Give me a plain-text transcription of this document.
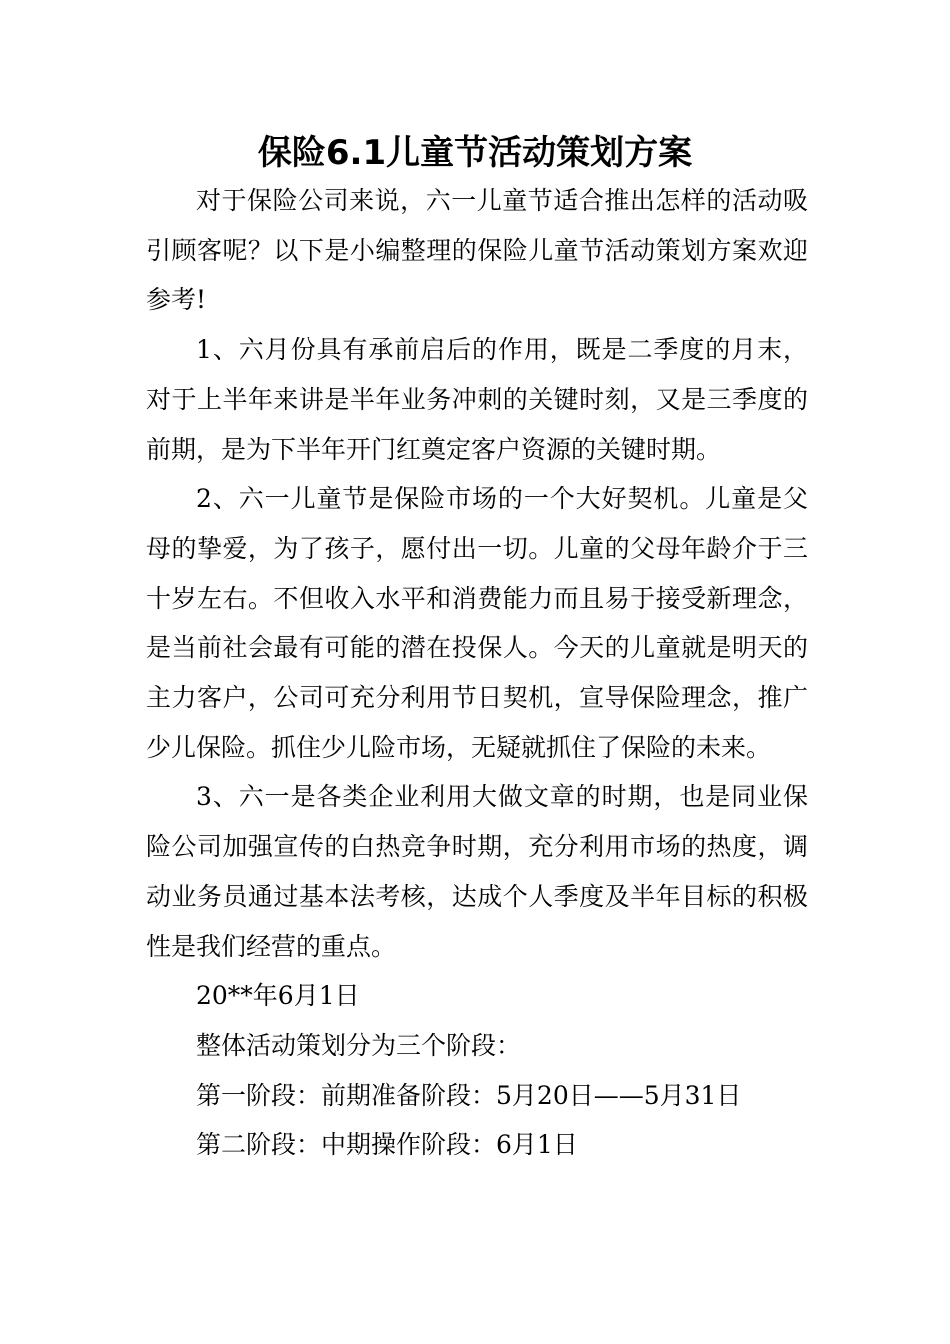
保险6.1儿童节活动策划方案

对于保险公司来说，六一儿童节适合推出怎样的活动吸引顾客呢？以下是小编整理的保险儿童节活动策划方案欢迎参考!

1、六月份具有承前启后的作用，既是二季度的月末，对于上半年来讲是半年业务冲刺的关键时刻，又是三季度的前期，是为下半年开门红奠定客户资源的关键时期。

2、六一儿童节是保险市场的一个大好契机。儿童是父母的挚爱，为了孩子，愿付出一切。儿童的父母年龄介于三十岁左右。不但收入水平和消费能力而且易于接受新理念，是当前社会最有可能的潜在投保人。今天的儿童就是明天的主力客户，公司可充分利用节日契机，宣导保险理念，推广少儿保险。抓住少儿险市场，无疑就抓住了保险的未来。

3、六一是各类企业利用大做文章的时期，也是同业保险公司加强宣传的白热竞争时期，充分利用市场的热度，调动业务员通过基本法考核，达成个人季度及半年目标的积极性是我们经营的重点。

20**年6月1日

整体活动策划分为三个阶段：

第一阶段：前期准备阶段：5月20日——5月31日

第二阶段：中期操作阶段：6月1日
